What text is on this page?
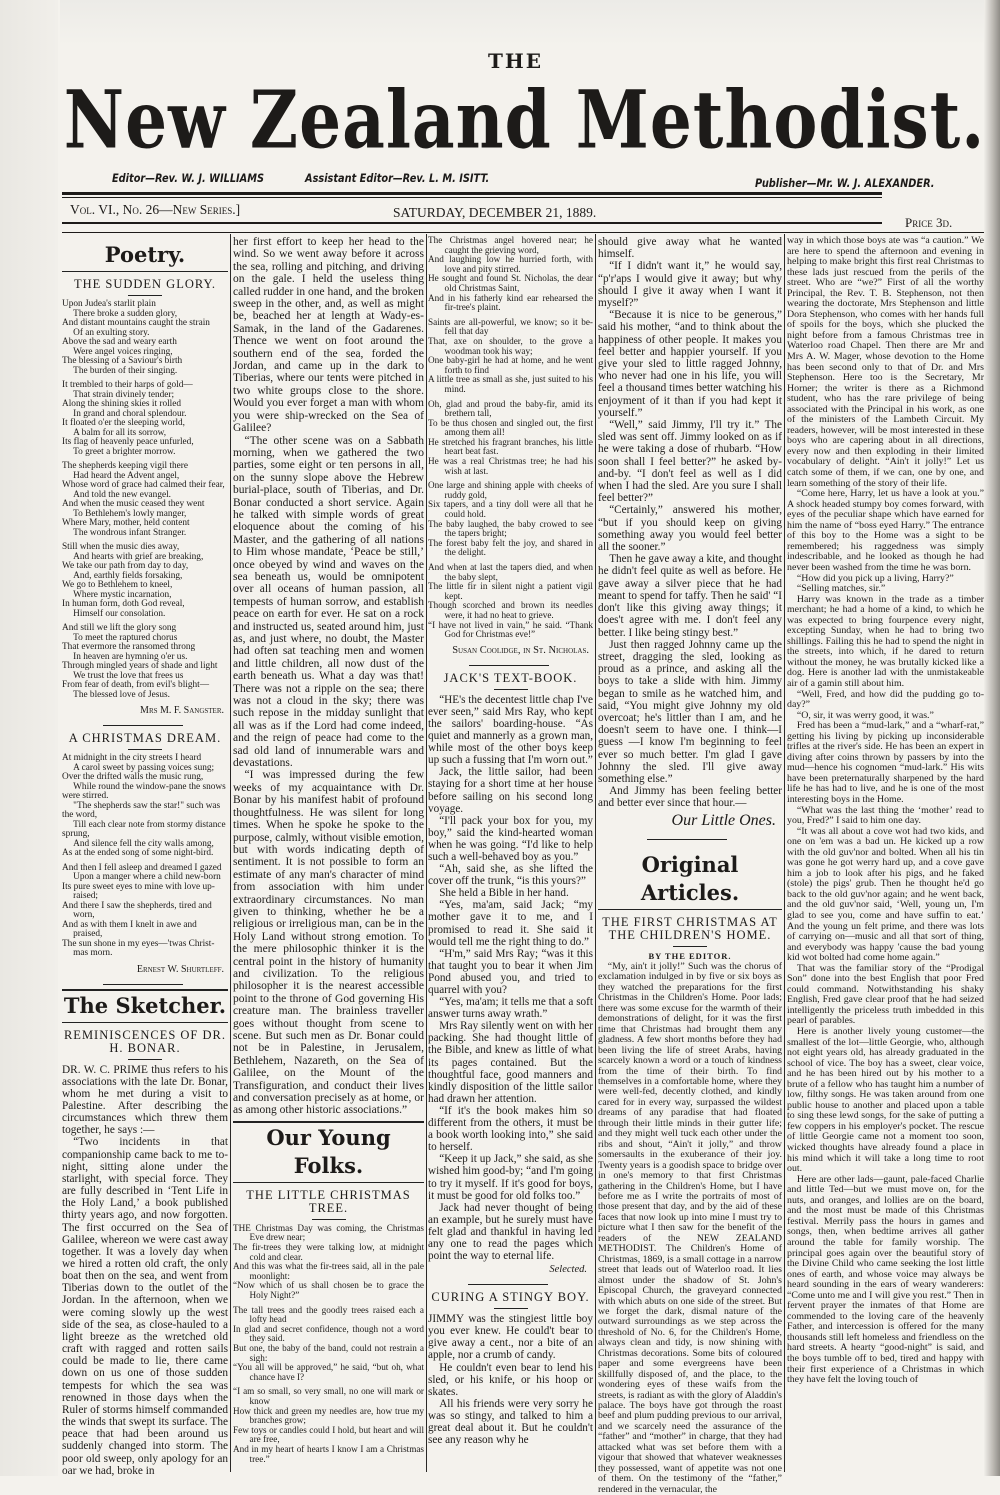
THE
New Zealand Methodist.
Editor—Rev. W. J. WILLIAMS	Assistant Editor—Rev. L. M. ISITT.	Publisher—Mr. W. J. ALEXANDER.
Vol. VI., No. 26—New Series.]	SATURDAY, DECEMBER 21, 1889.
Price 3d.
Poetry.
THE SUDDEN GLORY.
Upon Judea's starlit plain
There broke a sudden glory,
And distant mountains caught the strain
Of an exulting story.
Above the sad and weary earth
Were angel voices ringing,
The blessing of a Saviour's birth
The burden of their singing.
It trembled to their harps of gold—
That strain divinely tender;
Along the shining skies it rolled
In grand and choral splendour.
It floated o'er the sleeping world,
A balm for all its sorrow,
Its flag of heavenly peace unfurled,
To greet a brighter morrow.
The shepherds keeping vigil there
Had heard the Advent angel,
Whose word of grace had calmed their fear,
And told the new evangel.
And when the music ceased they went
To Bethlehem's lowly manger,
Where Mary, mother, held content
The wondrous infant Stranger.
Still when the music dies away,
And hearts with grief are breaking,
We take our path from day to day,
And, earthly fields forsaking,
We go to Bethlehem to kneel,
Where mystic incarnation,
In human form, doth God reveal,
Himself our consolation.
And still we lift the glory song
To meet the raptured chorus
That evermore the ransomed throng
In heaven are hymning o'er us.
Through mingled years of shade and light
We trust the love that frees us
From fear of death, from evil's blight—
The blessed love of Jesus.
Mrs M. F. Sangster.
A CHRISTMAS DREAM.
At midnight in the city streets I heard
A carol sweet by passing voices sung;
Over the drifted walls the music rung,
While round the window-pane the snows
were stirred.
"The shepherds saw the star!" such was
the word,
Till each clear note from stormy distance
sprung,
And silence fell the city walls among,
As at the ended song of some night-bird.
And then I fell asleep and dreamed I gazed
Upon a manger where a child new-born
Its pure sweet eyes to mine with love up-
raised;
And there I saw the shepherds, tired and
worn,
And as with them I knelt in awe and
praised,
The sun shone in my eyes—'twas Christ-
mas morn.
Ernest W. Shurtleff.
The Sketcher.
REMINISCENCES OF DR. H. BONAR.
DR. W. C. PRIME thus refers to his associations with the late Dr. Bonar, whom he met during a visit to Palestine. After describing the circumstances which threw them together, he says :—
“Two incidents in that companionship came back to me to-night, sitting alone under the starlight, with special force. They are fully described in ‘Tent Life in the Holy Land,’ a book published thirty years ago, and now forgotten. The first occurred on the Sea of Galilee, whereon we were cast away together. It was a lovely day when we hired a rotten old craft, the only boat then on the sea, and went from Tiberias down to the outlet of the Jordan. In the afternoon, when we were coming slowly up the west side of the sea, as close-hauled to a light breeze as the wretched old craft with ragged and rotten sails could be made to lie, there came down on us one of those sudden tempests for which the sea was renowned in those days when the Ruler of storms himself commanded the winds that swept its surface. The peace that had been around us suddenly changed into storm. The poor old sweep, only apology for an oar we had, broke in
her first effort to keep her head to the wind. So we went away before it across the sea, rolling and pitching, and driving on the gale. I held the useless thing called rudder in one hand, and the broken sweep in the other, and, as well as might be, beached her at length at Wady-es-Samak, in the land of the Gadarenes. Thence we went on foot around the southern end of the sea, forded the Jordan, and came up in the dark to Tiberias, where our tents were pitched in two white groups close to the shore. Would you ever forget a man with whom you were ship-wrecked on the Sea of Galilee?
“The other scene was on a Sabbath morning, when we gathered the two parties, some eight or ten persons in all, on the sunny slope above the Hebrew burial-place, south of Tiberias, and Dr. Bonar conducted a short service. Again he talked with simple words of great eloquence about the coming of his Master, and the gathering of all nations to Him whose mandate, ‘Peace be still,’ once obeyed by wind and waves on the sea beneath us, would be omnipotent over all oceans of human passion, all tempests of human sorrow, and establish peace on earth for ever. He sat on a rock and instructed us, seated around him, just as, and just where, no doubt, the Master had often sat teaching men and women and little children, all now dust of the earth beneath us. What a day was that! There was not a ripple on the sea; there was not a cloud in the sky; there was such repose in the midday sunlight that all was as if the Lord had come indeed, and the reign of peace had come to the sad old land of innumerable wars and devastations.
“I was impressed during the few weeks of my acquaintance with Dr. Bonar by his manifest habit of profound thoughtfulness. He was silent for long times. When he spoke he spoke to the purpose, calmly, without visible emotion, but with words indicating depth of sentiment. It is not possible to form an estimate of any man's character of mind from association with him under extraordinary circumstances. No man given to thinking, whether he be a religious or irreligious man, can be in the Holy Land without strong emotion. To the mere philosophic thinker it is the central point in the history of humanity and civilization. To the religious philosopher it is the nearest accessible point to the throne of God governing His creature man. The brainless traveller goes without thought from scene to scene. But such men as Dr. Bonar could not be in Palestine, in Jerusalem, Bethlehem, Nazareth, on the Sea of Galilee, on the Mount of the Transfiguration, and conduct their lives and conversation precisely as at home, or as among other historic associations.”
Our Young Folks.
THE LITTLE CHRISTMAS TREE.
THE Christmas Day was coming, the Christmas Eve drew near;
The fir-trees they were talking low, at midnight cold and clear.
And this was what the fir-trees said, all in the pale moonlight:
“Now which of us shall chosen be to grace the Holy Night?”
The tall trees and the goodly trees raised each a lofty head
In glad and secret confidence, though not a word they said.
But one, the baby of the band, could not restrain a sigh:
“You all will be approved,” he said, “but oh, what chance have I?
“I am so small, so very small, no one will mark or know
How thick and green my needles are, how true my branches grow;
Few toys or candles could I hold, but heart and will are free,
And in my heart of hearts I know I am a Christmas tree.”
The Christmas angel hovered near; he caught the grieving word,
And laughing low he hurried forth, with love and pity stirred.
He sought and found St. Nicholas, the dear old Christmas Saint,
And in his fatherly kind ear rehearsed the fir-tree's plaint.
Saints are all-powerful, we know; so it be-fell that day
That, axe on shoulder, to the grove a woodman took his way;
One baby-girl he had at home, and he went forth to find
A little tree as small as she, just suited to his mind.
Oh, glad and proud the baby-fir, amid its brethern tall,
To be thus chosen and singled out, the first among them all!
He stretched his fragrant branches, his little heart beat fast.
He was a real Christmas tree; he had his wish at last.
One large and shining apple with cheeks of ruddy gold,
Six tapers, and a tiny doll were all that he could hold.
The baby laughed, the baby crowed to see the tapers bright;
The forest baby felt the joy, and shared in the delight.
And when at last the tapers died, and when the baby slept,
The little fir in silent night a patient vigil kept.
Though scorched and brown its needles were, it had no heat to grieve.
“I have not lived in vain,” he said. “Thank God for Christmas eve!”
Susan Coolidge, in St. Nicholas.
JACK'S TEXT-BOOK.
“HE's the decentest little chap I've ever seen,” said Mrs Ray, who kept the sailors' boarding-house. “As quiet and mannerly as a grown man, while most of the other boys keep up such a fussing that I'm worn out.”
Jack, the little sailor, had been staying for a short time at her house before sailing on his second long voyage.
“I'll pack your box for you, my boy,” said the kind-hearted woman when he was going. “I'd like to help such a well-behaved boy as you.”
“Ah, said she, as she lifted the cover off the trunk, “is this yours?”
She held a Bible in her hand.
“Yes, ma'am, said Jack; “my mother gave it to me, and I promised to read it. She said it would tell me the right thing to do.”
“H'm,” said Mrs Ray; “was it this that taught you to bear it when Jim Pond abused you, and tried to quarrel with you?
“Yes, ma'am; it tells me that a soft answer turns away wrath.”
Mrs Ray silently went on with her packing. She had thought little of the Bible, and knew as little of what its pages contained. But the thoughtful face, good manners and kindly disposition of the little sailor had drawn her attention.
“If it's the book makes him so different from the others, it must be a book worth looking into,” she said to herself.
“Keep it up Jack,” she said, as she wished him good-by; “and I'm going to try it myself. If it's good for boys, it must be good for old folks too.”
Jack had never thought of being an example, but he surely must have felt glad and thankful in having led any one to read the pages which point the way to eternal life.
Selected.
CURING A STINGY BOY.
JIMMY was the stingiest little boy you ever knew. He could't bear to give away a cent., nor a bite of an apple, nor a crumb of candy.
He couldn't even bear to lend his sled, or his knife, or his hoop or skates.
All his friends were very sorry he was so stingy, and talked to him a great deal about it. But he couldn't see any reason why he
should give away what he wanted himself.
“If I didn't want it,” he would say, “p'r'aps I would give it away; but why should I give it away when I want it myself?”
“Because it is nice to be generous,” said his mother, “and to think about the happiness of other people. It makes you feel better and happier yourself. If you give your sled to little ragged Johnny, who never had one in his life, you will feel a thousand times better watching his enjoyment of it than if you had kept it yourself.”
“Well,” said Jimmy, I'll try it.” The sled was sent off. Jimmy looked on as if he were taking a dose of rhubarb. “How soon shall I feel better?” he asked by-and-by. “I don't feel as well as I did when I had the sled. Are you sure I shall feel better?”
“Certainly,” answered his mother, “but if you should keep on giving something away you would feel better all the sooner.”
Then he gave away a kite, and thought he didn't feel quite as well as before. He gave away a silver piece that he had meant to spend for taffy. Then he said' “I don't like this giving away things; it does't agree with me. I don't feel any better. I like being stingy best.”
Just then ragged Johnny came up the street, dragging the sled, looking as proud as a prince, and asking all the boys to take a slide with him. Jimmy began to smile as he watched him, and said, “You might give Johnny my old overcoat; he's littler than I am, and he doesn't seem to have one. I think—I guess —I know I'm beginning to feel ever so much better. I'm glad I gave Johnny the sled. I'll give away something else.”
And Jimmy has been feeling better and better ever since that hour.—
Our Little Ones.
Original Articles.
THE FIRST CHRISTMAS AT THE CHILDREN'S HOME.
BY THE EDITOR.
“My, ain't it jolly!” Such was the chorus of exclamation indulged in by five or six boys as they watched the preparations for the first Christmas in the Children's Home. Poor lads; there was some excuse for the warmth of their demonstrations of delight, for it was the first time that Christmas had brought them any gladness. A few short months before they had been living the life of street Arabs, having scarcely known a word or a touch of kindness from the time of their birth. To find themselves in a comfortable home, where they were well-fed, decently clothed, and kindly cared for in every way, surpassed the wildest dreams of any paradise that had floated through their little minds in their gutter life; and they might well tuck each other under the ribs and shout, “Ain't it jolly,” and throw somersaults in the exuberance of their joy. Twenty years is a goodish space to bridge over in one's memory to that first Christmas gathering in the Children's Home, but I have before me as I write the portraits of most of those present that day, and by the aid of these faces that now look up into mine I must try to picture what I then saw for the benefit of the readers of the NEW ZEALAND METHODIST. The Children's Home of Christmas, 1869, is a small cottage in a narrow street that leads out of Waterloo road. It lies almost under the shadow of St. John's Episcopal Church, the graveyard connected with which abuts on one side of the street. But we forget the dark, dismal nature of the outward surroundings as we step across the threshold of No. 6, for the Children's Home, always clean and tidy, is now shining with Christmas decorations. Some bits of coloured paper and some evergreens have been skillfully disposed of, and the place, to the wondering eyes of these waifs from the streets, is radiant as with the glory of Aladdin's palace. The boys have got through the roast beef and plum pudding previous to our arrival, and we scarcely need the assurance of the “father” and “mother” in charge, that they had attacked what was set before them with a vigour that showed that whatever weaknesses they possessed, want of appetite was not one of them. On the testimony of the “father,” rendered in the vernacular, the
way in which those boys ate was “a caution.” We are here to spend the afternoon and evening in helping to make bright this first real Christmas to these lads just rescued from the perils of the street. Who are “we?” First of all the worthy Principal, the Rev. T. B. Stephenson, not then wearing the doctorate, Mrs Stephenson and little Dora Stephenson, who comes with her hands full of spoils for the boys, which she plucked the night before from a famous Christmas tree in Waterloo road Chapel. Then there are Mr and Mrs A. W. Mager, whose devotion to the Home has been second only to that of Dr. and Mrs Stephenson. Here too is the Secretary, Mr Horner; the writer is there as a Richmond student, who has the rare privilege of being associated with the Principal in his work, as one of the ministers of the Lambeth Circuit. My readers, however, will be most interested in these boys who are capering about in all directions, every now and then exploding in their limited vocabulary of delight. “Ain't it jolly!” Let us catch some of them, if we can, one by one, and learn something of the story of their life.
“Come here, Harry, let us have a look at you.” A shock headed stumpy boy comes forward, with eyes of the peculiar shape which have earned for him the name of “boss eyed Harry.” The entrance of this boy to the Home was a sight to be remembered; his raggedness was simply indescribable, and he looked as though he had never been washed from the time he was born.
“How did you pick up a living, Harry?”
“Selling matches, sir.”
Harry was known in the trade as a timber merchant; he had a home of a kind, to which he was expected to bring fourpence every night, excepting Sunday, when he had to bring two shillings. Failing this he had to spend the night in the streets, into which, if he dared to return without the money, he was brutally kicked like a dog. Here is another lad with the unmistakeable air of a gamin still about him.
“Well, Fred, and how did the pudding go to-day?”
“O, sir, it was werry good, it was.”
Fred has been a “mud-lark,” and a “wharf-rat,” getting his living by picking up inconsiderable trifles at the river's side. He has been an expert in diving after coins thrown by passers by into the mud—hence his cognomen “mud-lark.” His wits have been preternaturally sharpened by the hard life he has had to live, and he is one of the most interesting boys in the Home.
“What was the last thing the ‘mother’ read to you, Fred?” I said to him one day.
“It was all about a cove wot had two kids, and one on 'em was a bad un. He kicked up a row with the old guv'nor and bolted. When all his tin was gone he got werry hard up, and a cove gave him a job to look after his pigs, and he faked (stole) the pigs' grub. Then he thought he'd go back to the old guv'nor again; and he went back, and the old guv'nor said, ‘Well, young un, I'm glad to see you, come and have suffin to eat.’ And the young un felt prime, and there was lots of carrying on—music and all that sort of thing, and everybody was happy 'cause the bad young kid wot bolted had come home again.”
That was the familiar story of the “Prodigal Son” done into the best English that poor Fred could command. Notwithstanding his shaky English, Fred gave clear proof that he had seized intelligently the priceless truth imbedded in this pearl of parables.
Here is another lively young customer—the smallest of the lot—little Georgie, who, although not eight years old, has already graduated in the school of vice. The boy has a sweet, clear voice, and he has been hired out by his mother to a brute of a fellow who has taught him a number of low, filthy songs. He was taken around from one public house to another and placed upon a table to sing these lewd songs, for the sake of putting a few coppers in his employer's pocket. The rescue of little Georgie came not a moment too soon, wicked thoughts have already found a place in his mind which it will take a long time to root out.
Here are other lads—gaunt, pale-faced Charlie and little Ted—but we must move on, for the nuts, and oranges, and lollies are on the board, and the most must be made of this Christmas festival. Merrily pass the hours in games and songs, then, when bedtime arrives all gather around the table for family worship. The principal goes again over the beautiful story of the Divine Child who came seeking the lost little ones of earth, and whose voice may always be heard sounding in the ears of weary wanderers: “Come unto me and I will give you rest.” Then in fervent prayer the inmates of that Home are commended to the loving care of the heavenly Father, and intercession is offered for the many thousands still left homeless and friendless on the hard streets. A hearty “good-night” is said, and the boys tumble off to bed, tired and happy with their first experience of a Christmas in which they have felt the loving touch of
